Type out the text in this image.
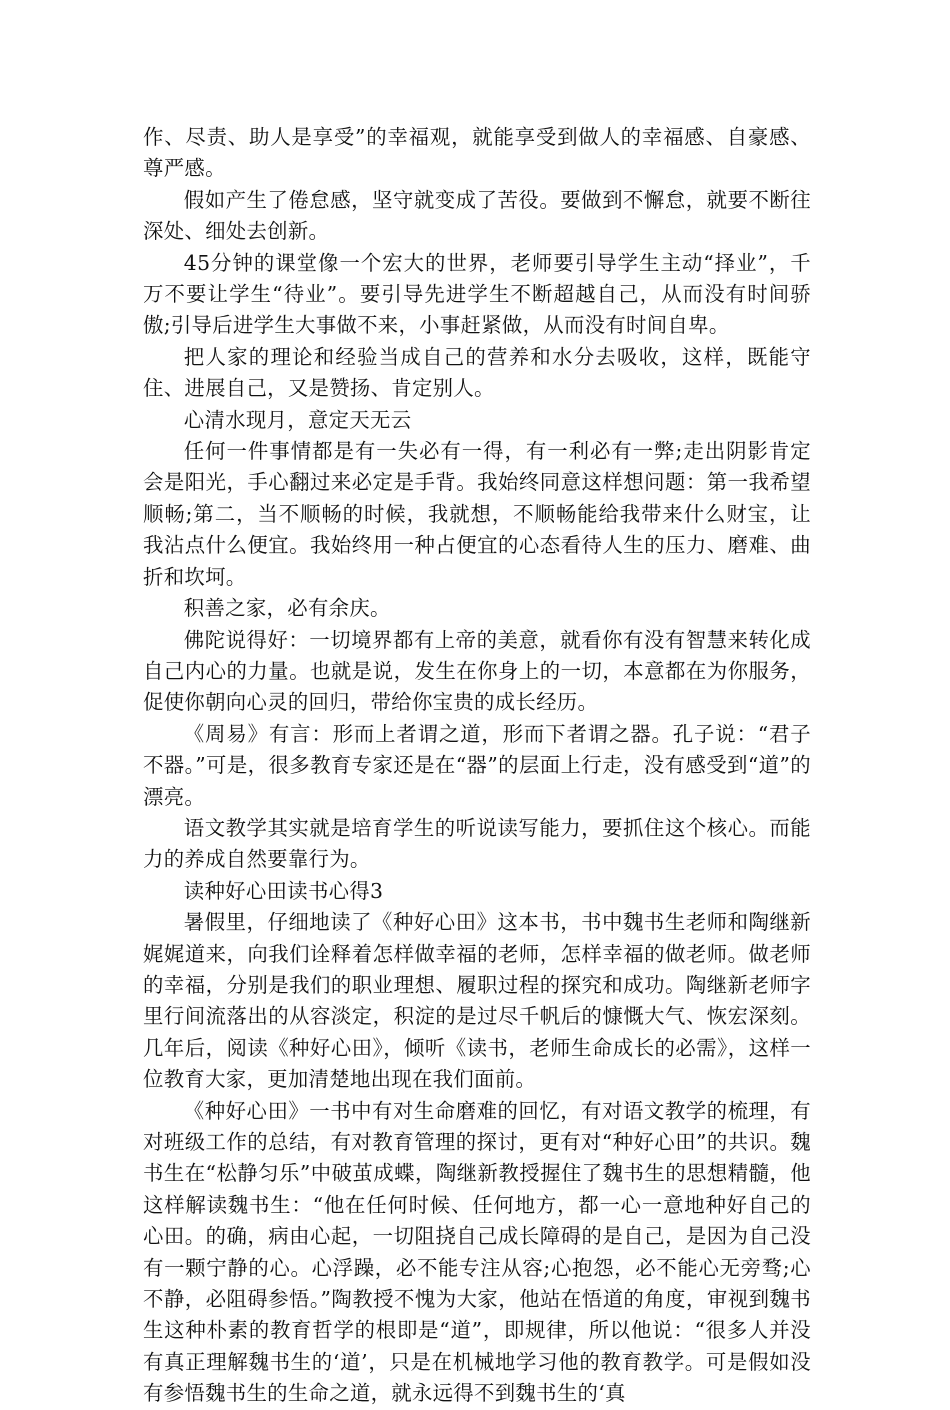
作、尽责、助人是享受”的幸福观，就能享受到做人的幸福感、自豪感、尊严感。

假如产生了倦怠感，坚守就变成了苦役。要做到不懈怠，就要不断往深处、细处去创新。

45分钟的课堂像一个宏大的世界，老师要引导学生主动“择业”，千万不要让学生“待业”。要引导先进学生不断超越自己，从而没有时间骄傲;引导后进学生大事做不来，小事赶紧做，从而没有时间自卑。

把人家的理论和经验当成自己的营养和水分去吸收，这样，既能守住、进展自己，又是赞扬、肯定别人。

心清水现月，意定天无云

任何一件事情都是有一失必有一得，有一利必有一弊;走出阴影肯定会是阳光，手心翻过来必定是手背。我始终同意这样想问题：第一我希望顺畅;第二，当不顺畅的时候，我就想，不顺畅能给我带来什么财宝，让我沾点什么便宜。我始终用一种占便宜的心态看待人生的压力、磨难、曲折和坎坷。

积善之家，必有余庆。

佛陀说得好：一切境界都有上帝的美意，就看你有没有智慧来转化成自己内心的力量。也就是说，发生在你身上的一切，本意都在为你服务，促使你朝向心灵的回归，带给你宝贵的成长经历。

《周易》有言：形而上者谓之道，形而下者谓之器。孔子说：“君子不器。”可是，很多教育专家还是在“器”的层面上行走，没有感受到“道”的漂亮。

语文教学其实就是培育学生的听说读写能力，要抓住这个核心。而能力的养成自然要靠行为。

读种好心田读书心得3

暑假里，仔细地读了《种好心田》这本书，书中魏书生老师和陶继新娓娓道来，向我们诠释着怎样做幸福的老师，怎样幸福的做老师。做老师的幸福，分别是我们的职业理想、履职过程的探究和成功。陶继新老师字里行间流落出的从容淡定，积淀的是过尽千帆后的慷慨大气、恢宏深刻。几年后，阅读《种好心田》，倾听《读书，老师生命成长的必需》，这样一位教育大家，更加清楚地出现在我们面前。

《种好心田》一书中有对生命磨难的回忆，有对语文教学的梳理，有对班级工作的总结，有对教育管理的探讨，更有对“种好心田”的共识。魏书生在“松静匀乐”中破茧成蝶，陶继新教授握住了魏书生的思想精髓，他这样解读魏书生：“他在任何时候、任何地方，都一心一意地种好自己的心田。的确，病由心起，一切阻挠自己成长障碍的是自己，是因为自己没有一颗宁静的心。心浮躁，必不能专注从容;心抱怨，必不能心无旁骛;心不静，必阻碍参悟。”陶教授不愧为大家，他站在悟道的角度，审视到魏书生这种朴素的教育哲学的根即是“道”，即规律，所以他说：“很多人并没有真正理解魏书生的‘道’，只是在机械地学习他的教育教学。可是假如没有参悟魏书生的生命之道，就永远得不到魏书生的‘真
